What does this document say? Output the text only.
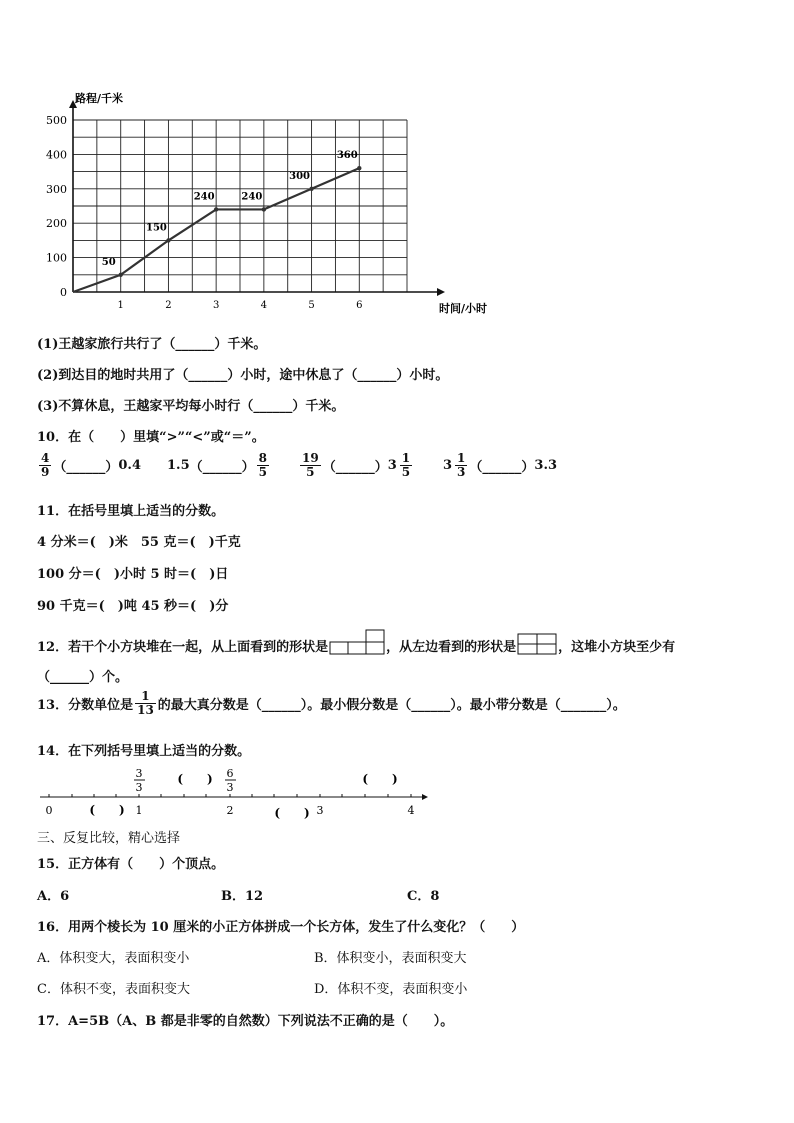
0
100
200
300
400
500
1	2	3	4	5	6
路程/千米
时间/小时
50
150
240	240
300
360
(1)王越家旅行共行了（______）千米。
(2)到达目的地时共用了（______）小时，途中休息了（______）小时。
(3)不算休息，王越家平均每小时行（______）千米。
10．在（　　）里填“>”“<”或“＝”。
$\frac{4}{9}$ （______） 0.4 1.5 （______） $\frac{8}{5}$	$\frac{19}{5}$ （______） $3 \frac{1}{5} 3 \frac{1}{3}$ （______） 3.3
11．在括号里填上适当的分数。
4 分米＝(　)米　55 克＝(　)千克
100 分＝(　)小时 5 时＝(　)日
90 千克＝(　)吨 45 秒＝(　)分
12．若干个小方块堆在一起，从上面看到的形状是	，从左边看到的形状是	，这堆小方块至少有
（______）个。
13．分数单位是 $\frac{1}{13}$ 的最大真分数是（______）。最小假分数是（______）。最小带分数是（_______）。
14．在下列括号里填上适当的分数。
0	1	2	3	4
3
3
6
3
(　　)	(　　)
(　　)	(　　)
三、反复比较，精心选择
15．正方体有（　　）个顶点。
A．6	B．12	C．8
16．用两个棱长为 10 厘米的小正方体拼成一个长方体，发生了什么变化？（　　）
A．体积变大，表面积变小	B．体积变小，表面积变大
C．体积不变，表面积变大	D．体积不变，表面积变小
17．A=5B（A、B 都是非零的自然数）下列说法不正确的是（　　）。
